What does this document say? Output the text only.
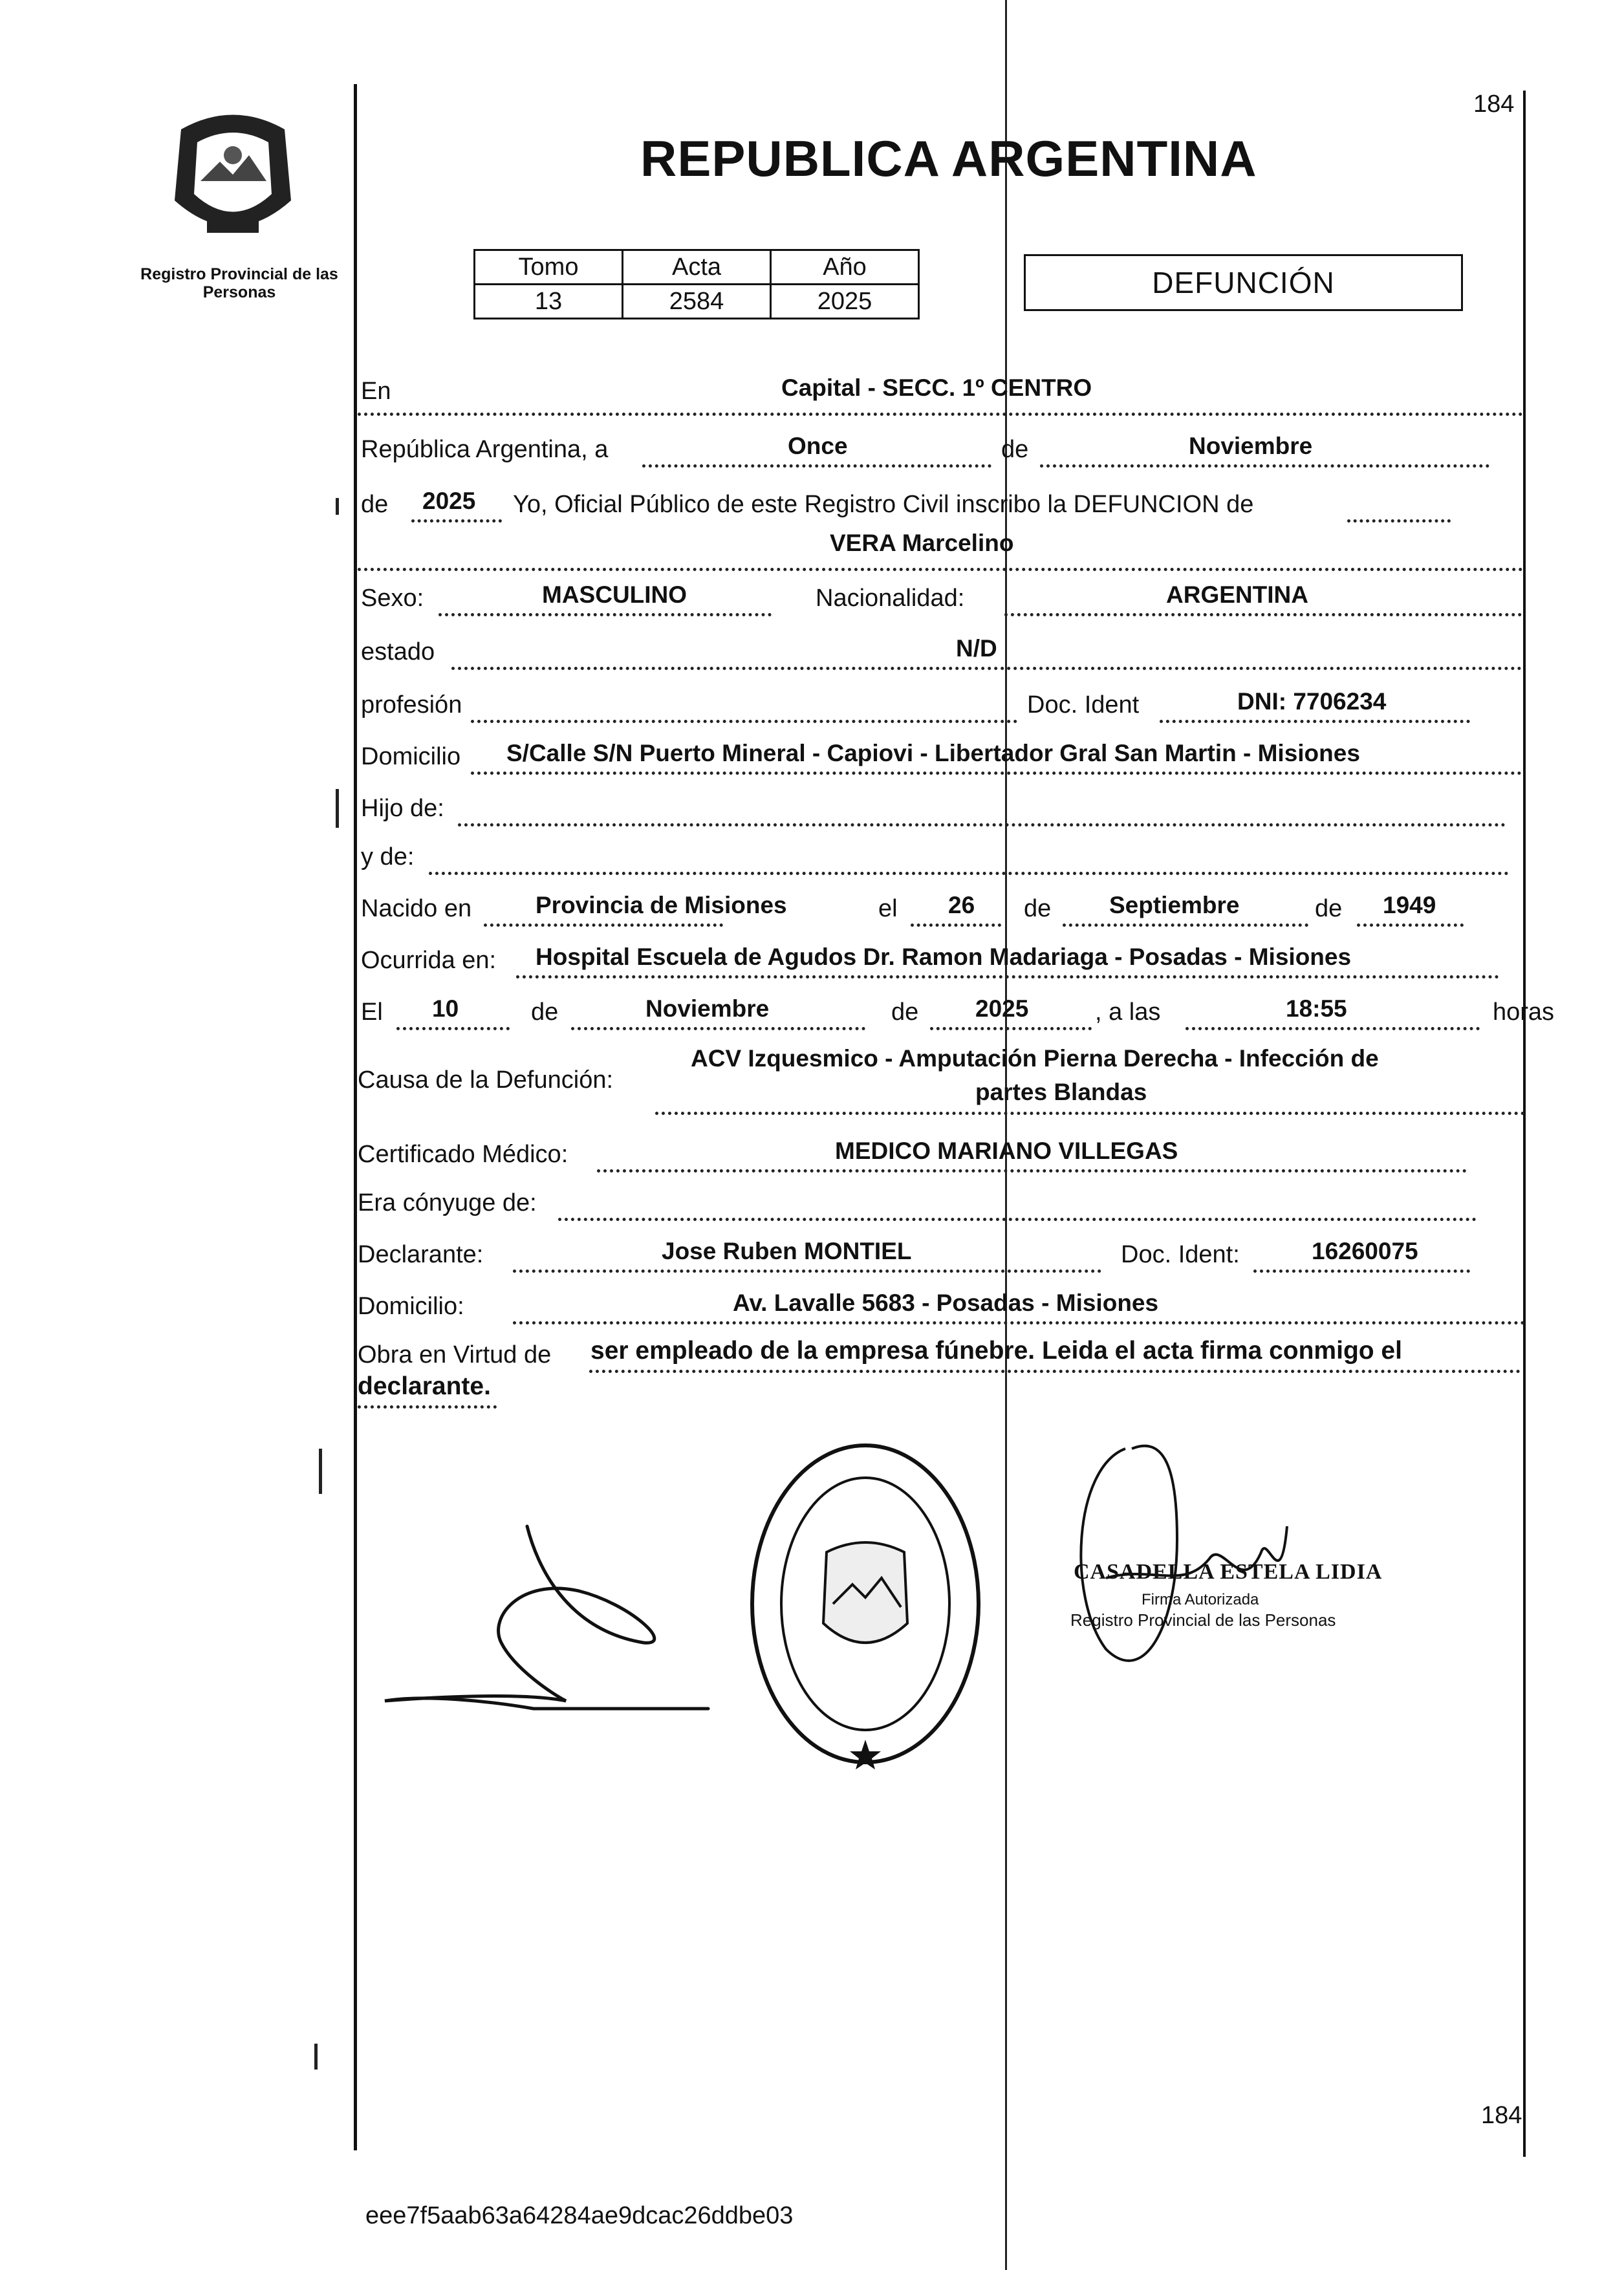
184
184
Registro Provincial de las Personas
REPUBLICA ARGENTINA
Tomo	Acta	Año
13	2584	2025
DEFUNCIÓN
En	Capital - SECC. 1º CENTRO
República Argentina, a	Once	de	Noviembre
de 2025 Yo, Oficial Público de este Registro Civil inscribo la DEFUNCION de
VERA Marcelino
Sexo:	MASCULINO	Nacionalidad:	ARGENTINA
estado	N/D
profesión	Doc. Ident	DNI: 7706234
Domicilio S/Calle S/N Puerto Mineral - Capiovi - Libertador Gral San Martin - Misiones
Hijo de:
y de:
Nacido en	Provincia de Misiones	el 26 de Septiembre	de 1949
Ocurrida en: Hospital Escuela de Agudos Dr. Ramon Madariaga - Posadas - Misiones
El 10	de	Noviembre	de 2025	, a las	18:55	horas
Causa de la Defunción:
ACV Izquesmico - Amputación Pierna Derecha - Infección de
partes Blandas
Certificado Médico:	MEDICO MARIANO VILLEGAS
Era cónyuge de:
Declarante:	Jose Ruben MONTIEL	Doc. Ident:	16260075
Domicilio:	Av. Lavalle 5683 - Posadas - Misiones
Obra en Virtud de ser empleado de la empresa fúnebre. Leida el acta firma conmigo el
declarante.
CASADELLA ESTELA LIDIA
Firma Autorizada
Registro Provincial de las Personas
eee7f5aab63a64284ae9dcac26ddbe03
